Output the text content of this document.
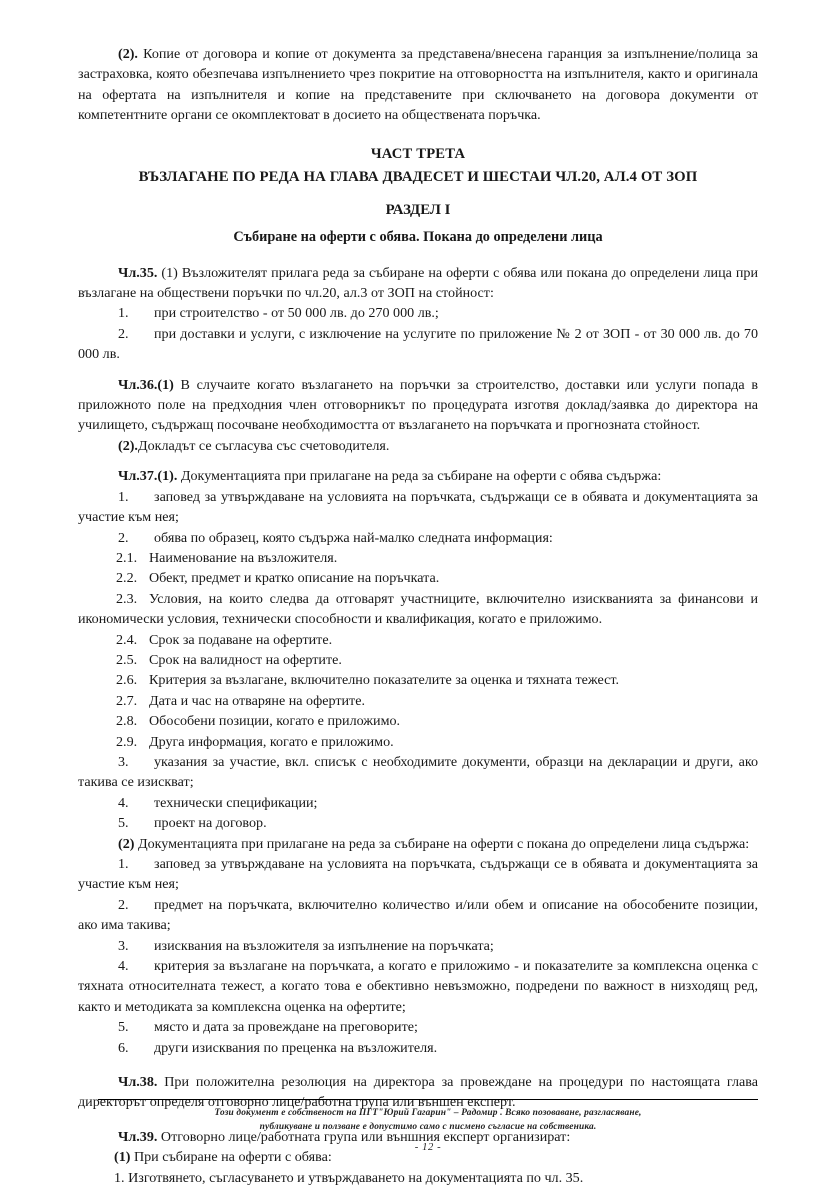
(2). Копие от договора и копие от документа за представена/внесена гаранция за изпълнение/полица за застраховка, която обезпечава изпълнението чрез покритие на отговорността на изпълнителя, както и оригинала на офертата на изпълнителя и копие на представените при сключването на договора документи от компетентните органи се окомплектоват в досието на обществената поръчка.

ЧАСТ ТРЕТА
ВЪЗЛАГАНЕ ПО РЕДА НА ГЛАВА ДВАДЕСЕТ И ШЕСТАИ ЧЛ.20, АЛ.4 ОТ ЗОП
РАЗДЕЛ I
Събиране на оферти с обява. Покана до определени лица

Чл.35. (1) Възложителят прилага реда за събиране на оферти с обява или покана до определени лица при възлагане на обществени поръчки по чл.20, ал.3 от ЗОП на стойност:

1. при строителство - от 50 000 лв. до 270 000 лв.;

2. при доставки и услуги, с изключение на услугите по приложение № 2 от ЗОП - от 30 000 лв. до 70 000 лв.

Чл.36.(1) В случаите когато възлагането на поръчки за строителство, доставки или услуги попада в приложното поле на предходния член отговорникът по процедурата изготвя доклад/заявка до директора на училището, съдържащ посочване необходимостта от възлагането на поръчката и прогнозната стойност.

(2).Докладът се съгласува със счетоводителя.

Чл.37.(1). Документацията при прилагане на реда за събиране на оферти с обява съдържа:

1. заповед за утвърждаване на условията на поръчката, съдържащи се в обявата и документацията за участие към нея;

2. обява по образец, която съдържа най-малко следната информация:

2.1. Наименование на възложителя.

2.2. Обект, предмет и кратко описание на поръчката.

2.3. Условия, на които следва да отговарят участниците, включително изискванията за финансови и икономически условия, технически способности и квалификация, когато е приложимо.

2.4. Срок за подаване на офертите.

2.5. Срок на валидност на офертите.

2.6. Критерия за възлагане, включително показателите за оценка и тяхната тежест.

2.7. Дата и час на отваряне на офертите.

2.8. Обособени позиции, когато е приложимо.

2.9. Друга информация, когато е приложимо.

3. указания за участие, вкл. списък с необходимите документи, образци на декларации и други, ако такива се изискват;

4. технически спецификации;

5. проект на договор.

(2) Документацията при прилагане на реда за събиране на оферти с покана до определени лица съдържа:

1. заповед за утвърждаване на условията на поръчката, съдържащи се в обявата и документацията за участие към нея;

2. предмет на поръчката, включително количество и/или обем и описание на обособените позиции, ако има такива;

3. изисквания на възложителя за изпълнение на поръчката;

4. критерия за възлагане на поръчката, а когато е приложимо - и показателите за комплексна оценка с тяхната относителната тежест, а когато това е обективно невъзможно, подредени по важност в низходящ ред, както и методиката за комплексна оценка на офертите;

5. място и дата за провеждане на преговорите;

6. други изисквания по преценка на възложителя.

Чл.38. При положителна резолюция на директора за провеждане на процедури по настоящата глава директорът определя отговорно лице/работна група или външен експерт.

Чл.39. Отговорно лице/работната група или външния експерт организират:

(1) При събиране на оферти с обява:

1. Изготвянето, съгласуването и утвърждаването на документацията по чл. 35.

Този документ е собственост на ПГТ"Юрий Гагарин" – Радомир . Всяко позоваване, разгласяване,
публикуване и ползване е допустимо само с писмено съгласие на собственика.
- 12 -
